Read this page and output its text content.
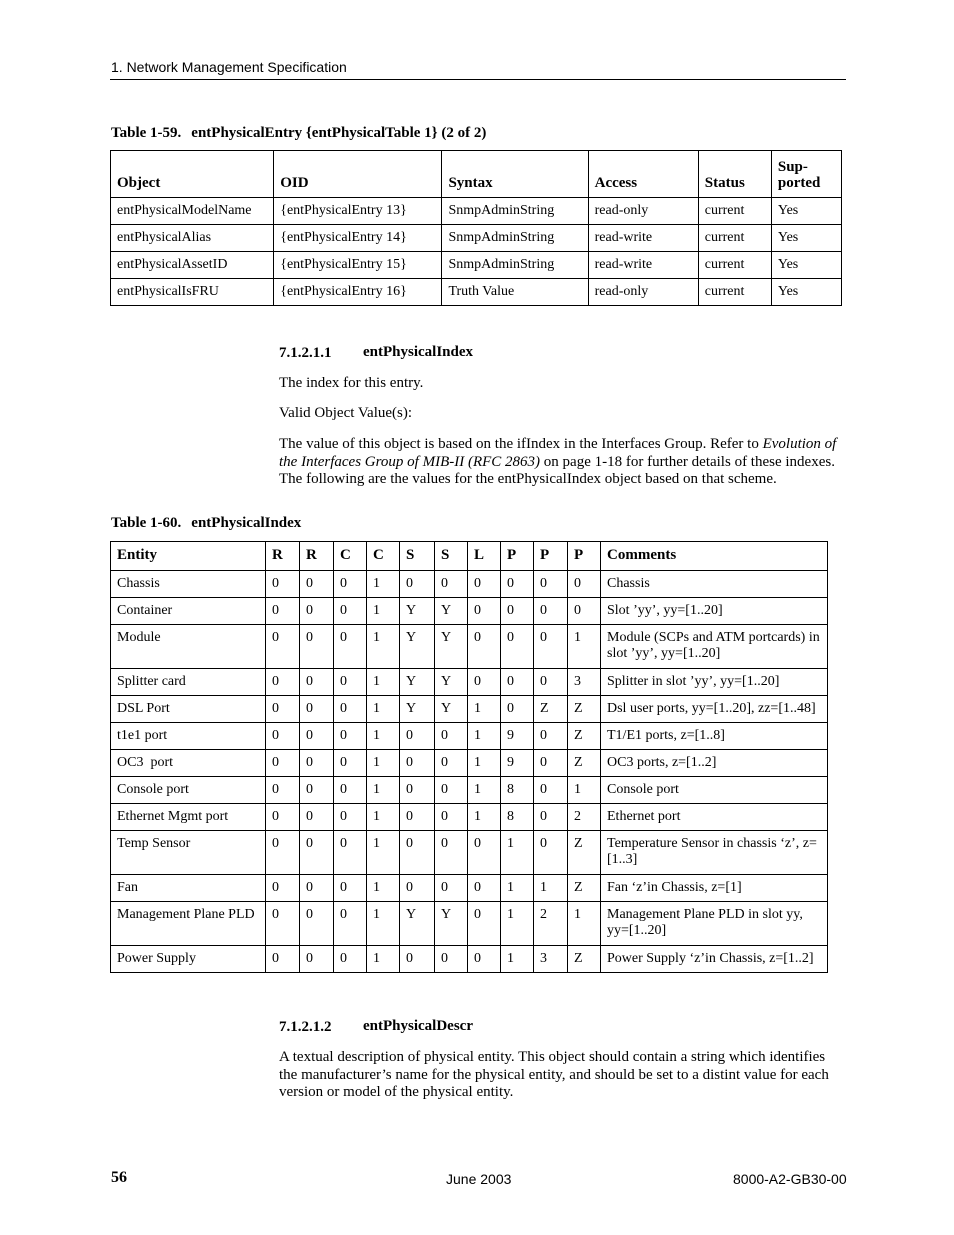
1. Network Management Specification
Table 1-59. entPhysicalEntry {entPhysicalTable 1} (2 of 2)
Object	OID	Syntax	Access	Status	Sup-
ported
entPhysicalModelName	{entPhysicalEntry 13}	SnmpAdminString	read-only	current	Yes
entPhysicalAlias	{entPhysicalEntry 14}	SnmpAdminString	read-write	current	Yes
entPhysicalAssetID	{entPhysicalEntry 15}	SnmpAdminString	read-write	current	Yes
entPhysicalIsFRU	{entPhysicalEntry 16}	Truth Value	read-only	current	Yes
7.1.2.1.1 entPhysicalIndex
The index for this entry.
Valid Object Value(s):
The value of this object is based on the ifIndex in the Interfaces Group. Refer to Evolution of the Interfaces Group of MIB-II (RFC 2863) on page 1-18 for further details of these indexes. The following are the values for the entPhysicalIndex object based on that scheme.
Table 1-60. entPhysicalIndex
Entity	R	R	C	C	S	S	L	P	P	P	Comments
Chassis	0	0	0	1	0	0	0	0	0	0	Chassis
Container	0	0	0	1	Y	Y	0	0	0	0	Slot ’yy’, yy=[1..20]
Module	0	0	0	1	Y	Y	0	0	0	1	Module (SCPs and ATM portcards) in slot ’yy’, yy=[1..20]
Splitter card	0	0	0	1	Y	Y	0	0	0	3	Splitter in slot ’yy’, yy=[1..20]
DSL Port	0	0	0	1	Y	Y	1	0	Z	Z	Dsl user ports, yy=[1..20], zz=[1..48]
t1e1 port	0	0	0	1	0	0	1	9	0	Z	T1/E1 ports, z=[1..8]
OC3  port	0	0	0	1	0	0	1	9	0	Z	OC3 ports, z=[1..2]
Console port	0	0	0	1	0	0	1	8	0	1	Console port
Ethernet Mgmt port	0	0	0	1	0	0	1	8	0	2	Ethernet port
Temp Sensor	0	0	0	1	0	0	0	1	0	Z	Temperature Sensor in chassis ‘z’, z=[1..3]
Fan	0	0	0	1	0	0	0	1	1	Z	Fan ‘z’in Chassis, z=[1]
Management Plane PLD	0	0	0	1	Y	Y	0	1	2	1	Management Plane PLD in slot yy, yy=[1..20]
Power Supply	0	0	0	1	0	0	0	1	3	Z	Power Supply ‘z’in Chassis, z=[1..2]
7.1.2.1.2 entPhysicalDescr
A textual description of physical entity. This object should contain a string which identifies the manufacturer’s name for the physical entity, and should be set to a distint value for each version or model of the physical entity.
56	June 2003	8000-A2-GB30-00
